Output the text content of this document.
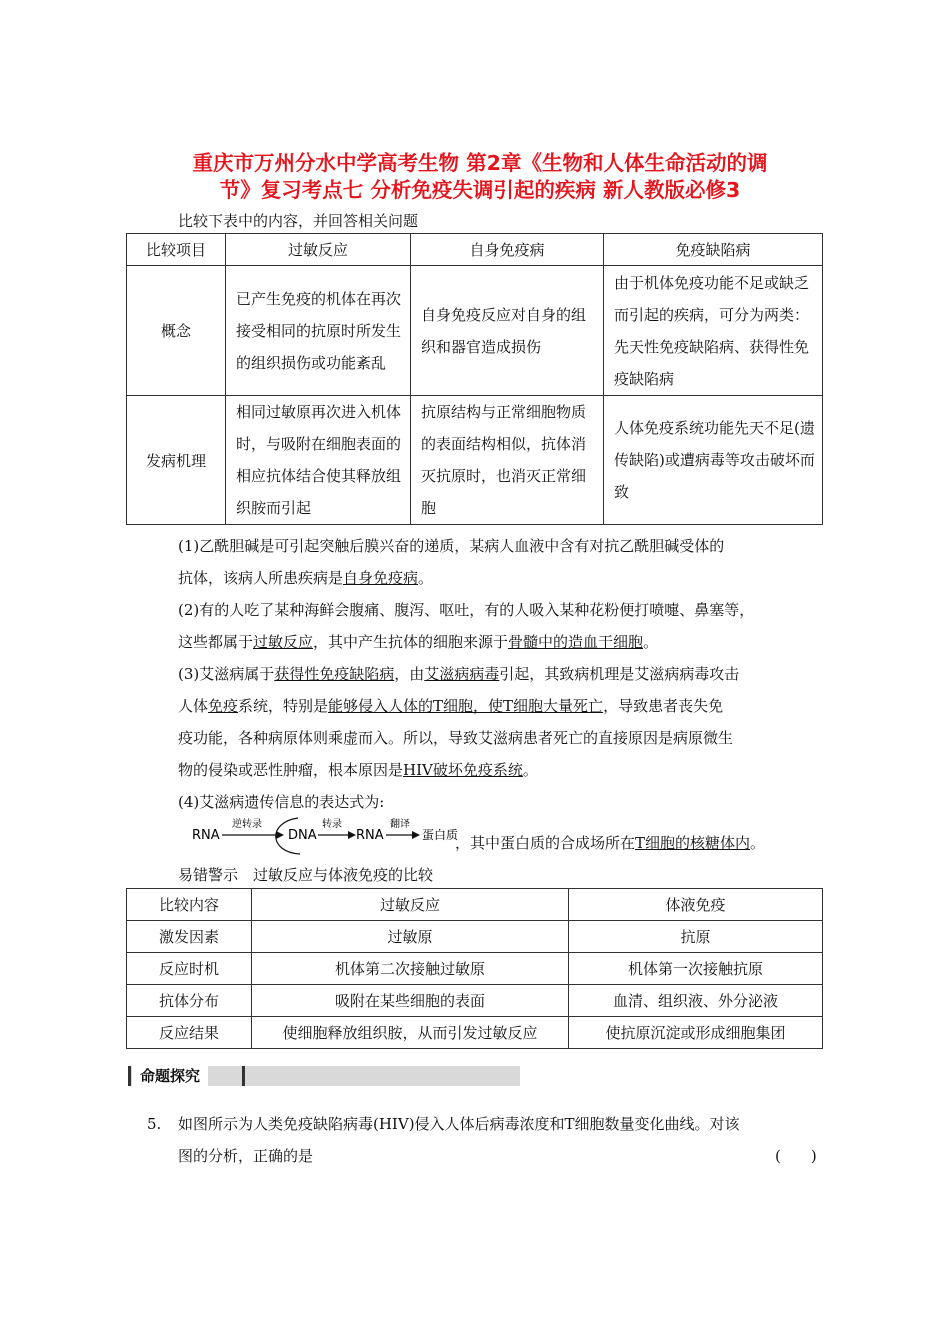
重庆市万州分水中学高考生物 第2章《生物和人体生命活动的调
节》复习考点七 分析免疫失调引起的疾病 新人教版必修3
比较下表中的内容，并回答相关问题
比较项目	过敏反应	自身免疫病	免疫缺陷病
概念	已产生免疫的机体在再次接受相同的抗原时所发生的组织损伤或功能紊乱	自身免疫反应对自身的组织和器官造成损伤	由于机体免疫功能不足或缺乏而引起的疾病，可分为两类：先天性免疫缺陷病、获得性免疫缺陷病
发病机理	相同过敏原再次进入机体时，与吸附在细胞表面的相应抗体结合使其释放组织胺而引起	抗原结构与正常细胞物质的表面结构相似，抗体消灭抗原时，也消灭正常细胞	人体免疫系统功能先天不足(遗传缺陷)或遭病毒等攻击破坏而致
(1)乙酰胆碱是可引起突触后膜兴奋的递质，某病人血液中含有对抗乙酰胆碱受体的
抗体，该病人所患疾病是自身免疫病。
(2)有的人吃了某种海鲜会腹痛、腹泻、呕吐，有的人吸入某种花粉便打喷嚏、鼻塞等，
这些都属于过敏反应，其中产生抗体的细胞来源于骨髓中的造血干细胞。
(3)艾滋病属于获得性免疫缺陷病，由艾滋病病毒引起，其致病机理是艾滋病病毒攻击
人体免疫系统，特别是能够侵入人体的T细胞，使T细胞大量死亡，导致患者丧失免
疫功能，各种病原体则乘虚而入。所以，导致艾滋病患者死亡的直接原因是病原微生
物的侵染或恶性肿瘤，根本原因是HIV破坏免疫系统。
(4)艾滋病遗传信息的表达式为:
RNA
逆转录
DNA
转录
RNA
翻译
蛋白质
，其中蛋白质的合成场所在T细胞的核糖体内。
易错警示　过敏反应与体液免疫的比较
比较内容	过敏反应	体液免疫
激发因素	过敏原	抗原
反应时机	机体第二次接触过敏原	机体第一次接触抗原
抗体分布	吸附在某些细胞的表面	血清、组织液、外分泌液
反应结果	使细胞释放组织胺，从而引发过敏反应	使抗原沉淀或形成细胞集团
命题探究
5. 如图所示为人类免疫缺陷病毒(HIV)侵入人体后病毒浓度和T细胞数量变化曲线。对该
图的分析，正确的是	(　　)
